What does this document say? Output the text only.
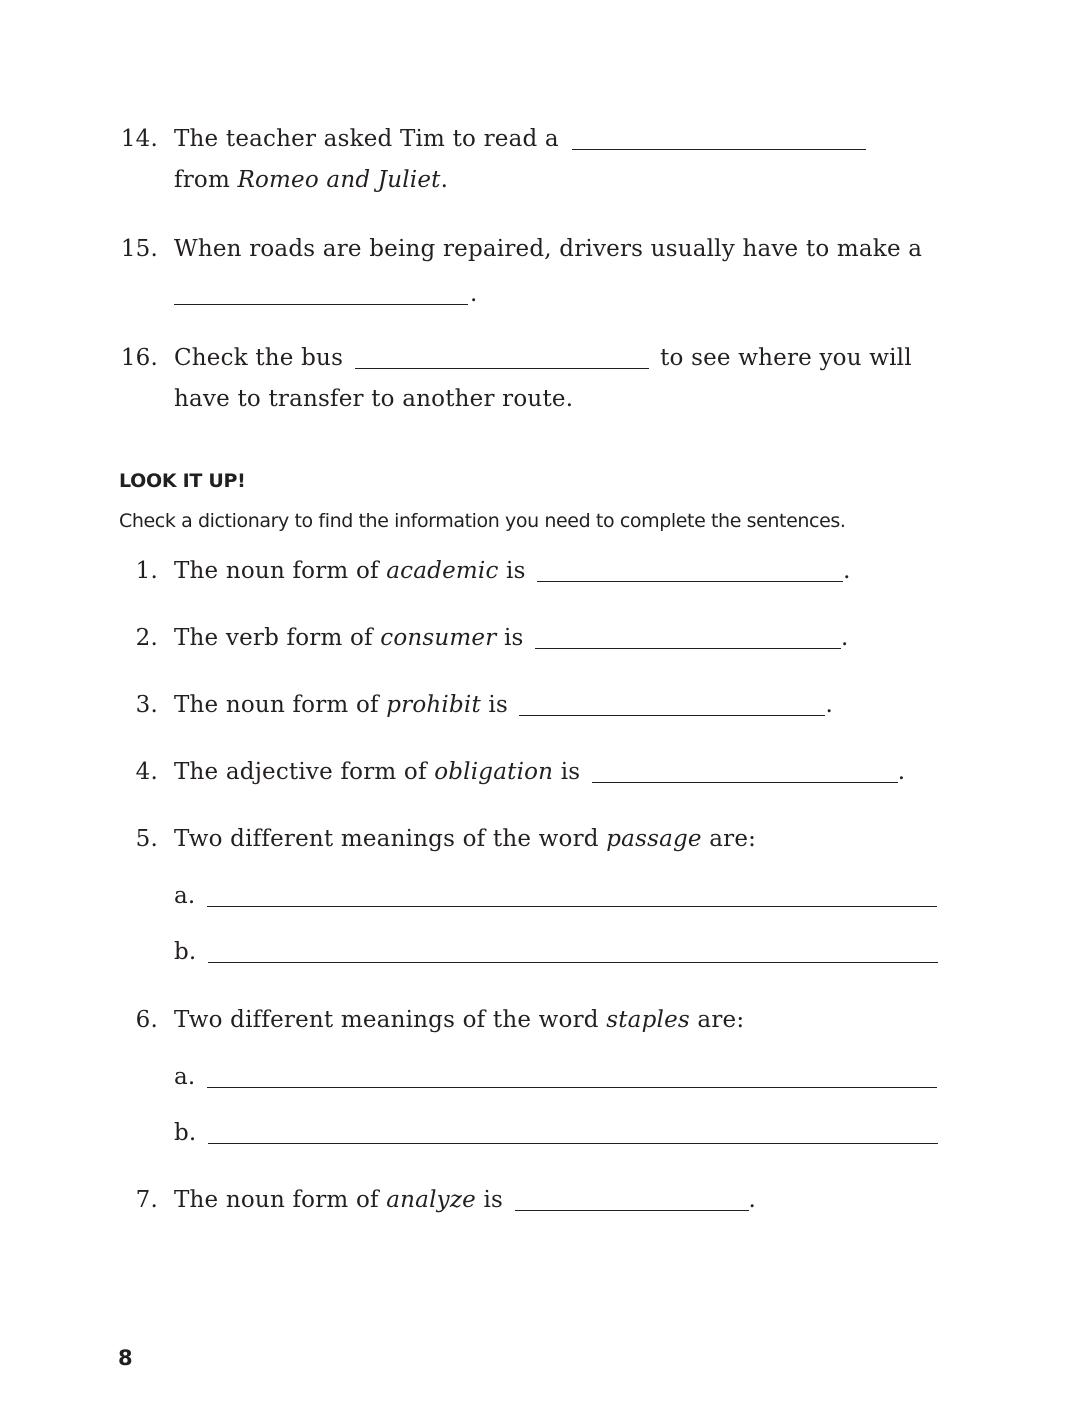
14. The teacher asked Tim to read a
from Romeo and Juliet.
15. When roads are being repaired, drivers usually have to make a
.
16. Check the bus	to see where you will
have to transfer to another route.
LOOK IT UP!
Check a dictionary to find the information you need to complete the sentences.
1. The noun form of academic is	.
2. The verb form of consumer is	.
3. The noun form of prohibit is	.
4. The adjective form of obligation is	.
5. Two different meanings of the word passage are:
a.
b.
6. Two different meanings of the word staples are:
a.
b.
7. The noun form of analyze is	.
8
